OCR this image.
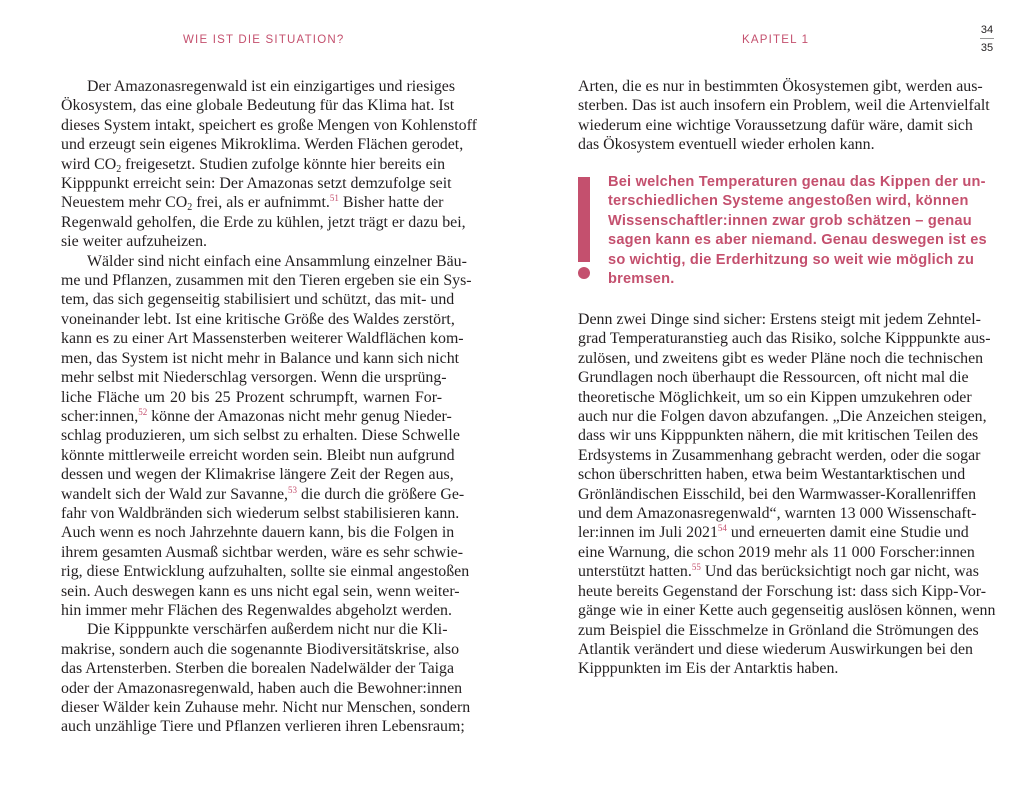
WIE IST DIE SITUATION?	KAPITEL 1
34
35
Der Amazonasregenwald ist ein einzigartiges und riesiges
Ökosystem, das eine globale Bedeutung für das Klima hat. Ist
dieses System intakt, speichert es große Mengen von Kohlenstoff
und erzeugt sein eigenes Mikroklima. Werden Flächen gerodet,
wird $CO_2$ freigesetzt. Studien zufolge könnte hier bereits ein
Kipppunkt erreicht sein: Der Amazonas setzt demzufolge seit
Neuestem mehr $CO_2$ frei, als er aufnimmt.$^{51}$ Bisher hatte der
Regenwald geholfen, die Erde zu kühlen, jetzt trägt er dazu bei,
sie weiter aufzuheizen.
Wälder sind nicht einfach eine Ansammlung einzelner Bäu-
me und Pflanzen, zusammen mit den Tieren ergeben sie ein Sys-
tem, das sich gegenseitig stabilisiert und schützt, das mit- und
voneinander lebt. Ist eine kritische Größe des Waldes zerstört,
kann es zu einer Art Massensterben weiterer Waldflächen kom-
men, das System ist nicht mehr in Balance und kann sich nicht
mehr selbst mit Niederschlag versorgen. Wenn die ursprüng-
liche Fläche um 20 bis 25 Prozent schrumpft, warnen For-
scher:innen,$^{52}$ könne der Amazonas nicht mehr genug Nieder-
schlag produzieren, um sich selbst zu erhalten. Diese Schwelle
könnte mittlerweile erreicht worden sein. Bleibt nun aufgrund
dessen und wegen der Klimakrise längere Zeit der Regen aus,
wandelt sich der Wald zur Savanne,$^{53}$ die durch die größere Ge-
fahr von Waldbränden sich wiederum selbst stabilisieren kann.
Auch wenn es noch Jahrzehnte dauern kann, bis die Folgen in
ihrem gesamten Ausmaß sichtbar werden, wäre es sehr schwie-
rig, diese Entwicklung aufzuhalten, sollte sie einmal angestoßen
sein. Auch deswegen kann es uns nicht egal sein, wenn weiter-
hin immer mehr Flächen des Regenwaldes abgeholzt werden.
Die Kipppunkte verschärfen außerdem nicht nur die Kli-
makrise, sondern auch die sogenannte Biodiversitätskrise, also
das Artensterben. Sterben die borealen Nadelwälder der Taiga
oder der Amazonasregenwald, haben auch die Bewohner:innen
dieser Wälder kein Zuhause mehr. Nicht nur Menschen, sondern
auch unzählige Tiere und Pflanzen verlieren ihren Lebensraum;
Arten, die es nur in bestimmten Ökosystemen gibt, werden aus-
sterben. Das ist auch insofern ein Problem, weil die Artenvielfalt
wiederum eine wichtige Voraussetzung dafür wäre, damit sich
das Ökosystem eventuell wieder erholen kann.
Bei welchen Temperaturen genau das Kippen der un-
terschiedlichen Systeme angestoßen wird, können
Wissenschaftler:innen zwar grob schätzen – genau
sagen kann es aber niemand. Genau deswegen ist es
so wichtig, die Erderhitzung so weit wie möglich zu
bremsen.
Denn zwei Dinge sind sicher: Erstens steigt mit jedem Zehntel-
grad Temperaturanstieg auch das Risiko, solche Kipppunkte aus-
zulösen, und zweitens gibt es weder Pläne noch die technischen
Grundlagen noch überhaupt die Ressourcen, oft nicht mal die
theoretische Möglichkeit, um so ein Kippen umzukehren oder
auch nur die Folgen davon abzufangen. „Die Anzeichen steigen,
dass wir uns Kipppunkten nähern, die mit kritischen Teilen des
Erdsystems in Zusammenhang gebracht werden, oder die sogar
schon überschritten haben, etwa beim Westantarktischen und
Grönländischen Eisschild, bei den Warmwasser-Korallenriffen
und dem Amazonasregenwald“, warnten 13 000 Wissenschaft-
ler:innen im Juli 2021$^{54}$ und erneuerten damit eine Studie und
eine Warnung, die schon 2019 mehr als 11 000 Forscher:innen
unterstützt hatten.$^{55}$ Und das berücksichtigt noch gar nicht, was
heute bereits Gegenstand der Forschung ist: dass sich Kipp-Vor-
gänge wie in einer Kette auch gegenseitig auslösen können, wenn
zum Beispiel die Eisschmelze in Grönland die Strömungen des
Atlantik verändert und diese wiederum Auswirkungen bei den
Kipppunkten im Eis der Antarktis haben.
